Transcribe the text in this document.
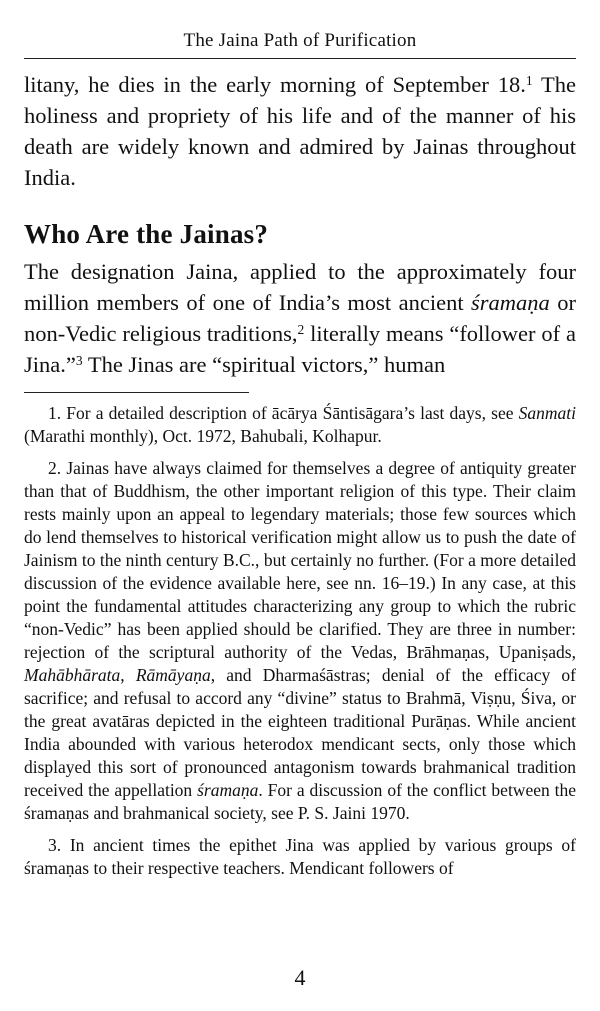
The Jaina Path of Purification

litany, he dies in the early morning of September 18.$^1$ The holiness and propriety of his life and of the manner of his death are widely known and admired by Jainas throughout India.

Who Are the Jainas?

The designation Jaina, applied to the approximately four million members of one of India’s most ancient śramaṇa or non-Vedic religious traditions,$^2$ literally means “follower of a Jina.”$^3$ The Jinas are “spiritual victors,” human

1. For a detailed description of ācārya Śāntisāgara’s last days, see Sanmati (Marathi monthly), Oct. 1972, Bahubali, Kolhapur.

2. Jainas have always claimed for themselves a degree of antiquity greater than that of Buddhism, the other important religion of this type. Their claim rests mainly upon an appeal to legendary materials; those few sources which do lend themselves to historical verification might allow us to push the date of Jainism to the ninth century B.C., but certainly no further. (For a more detailed discussion of the evidence available here, see nn. 16–19.) In any case, at this point the fundamental attitudes characterizing any group to which the rubric “non-Vedic” has been applied should be clarified. They are three in number: rejection of the scriptural authority of the Vedas, Brāhmaṇas, Upaniṣads, Mahābhārata, Rāmāyaṇa, and Dharmaśāstras; denial of the efficacy of sacrifice; and refusal to accord any “divine” status to Brahmā, Viṣṇu, Śiva, or the great avatāras depicted in the eighteen traditional Purāṇas. While ancient India abounded with various heterodox mendicant sects, only those which displayed this sort of pronounced antagonism towards brahmanical tradition received the appellation śramaṇa. For a discussion of the conflict between the śramaṇas and brahmanical society, see P. S. Jaini 1970.

3. In ancient times the epithet Jina was applied by various groups of śramaṇas to their respective teachers. Mendicant followers of

4
